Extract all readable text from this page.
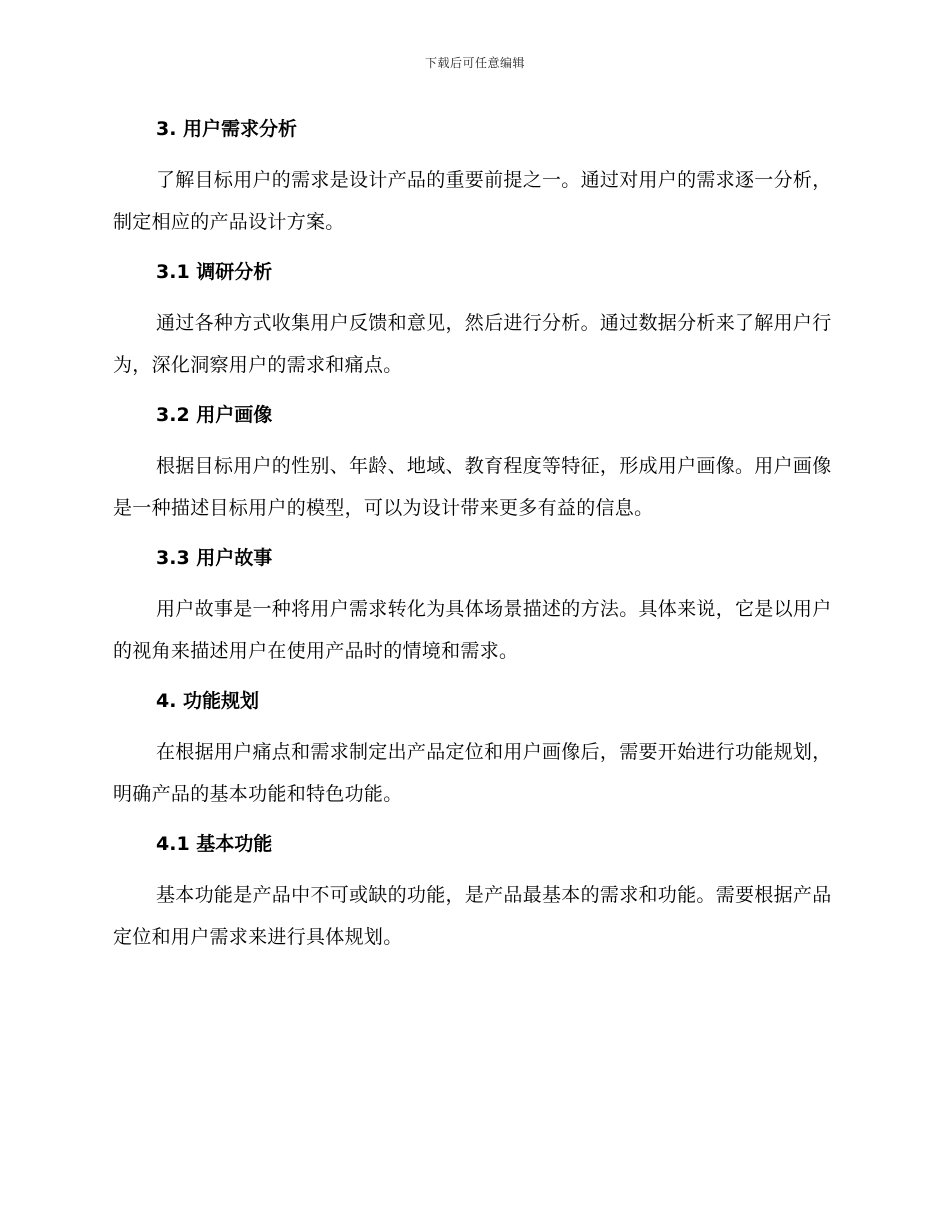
下载后可任意编辑
3. 用户需求分析

了解目标用户的需求是设计产品的重要前提之一。通过对用户的需求逐一分析，制定相应的产品设计方案。

3.1 调研分析

通过各种方式收集用户反馈和意见，然后进行分析。通过数据分析来了解用户行为，深化洞察用户的需求和痛点。

3.2 用户画像

根据目标用户的性别、年龄、地域、教育程度等特征，形成用户画像。用户画像是一种描述目标用户的模型，可以为设计带来更多有益的信息。

3.3 用户故事

用户故事是一种将用户需求转化为具体场景描述的方法。具体来说，它是以用户的视角来描述用户在使用产品时的情境和需求。

4. 功能规划

在根据用户痛点和需求制定出产品定位和用户画像后，需要开始进行功能规划，明确产品的基本功能和特色功能。

4.1 基本功能

基本功能是产品中不可或缺的功能，是产品最基本的需求和功能。需要根据产品定位和用户需求来进行具体规划。
